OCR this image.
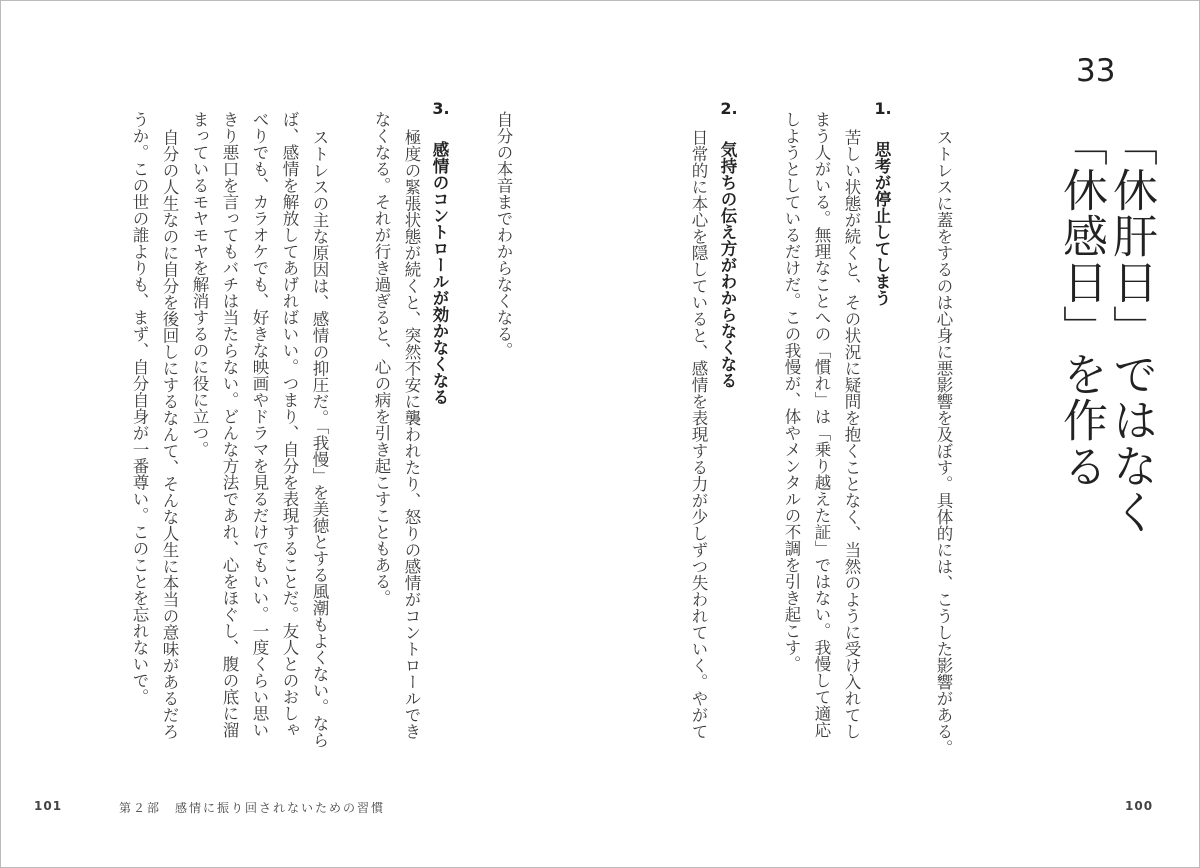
33
「休肝日」ではなく
「休感日」を作る
ストレスに蓋をするのは心身に悪影響を及ぼす。具体的には、こうした影響がある。
1.
思考が停止してしまう
苦しい状態が続くと、その状況に疑問を抱くことなく、当然のように受け入れてし
まう人がいる。無理なことへの「慣れ」は「乗り越えた証」ではない。我慢して適応
しようとしているだけだ。この我慢が、体やメンタルの不調を引き起こす。
2.
気持ちの伝え方がわからなくなる
日常的に本心を隠していると、感情を表現する力が少しずつ失われていく。やがて
自分の本音までわからなくなる。
3.
感情のコントロールが効かなくなる
極度の緊張状態が続くと、突然不安に襲われたり、怒りの感情がコントロールでき
なくなる。それが行き過ぎると、心の病を引き起こすこともある。
ストレスの主な原因は、感情の抑圧だ。「我慢」を美徳とする風潮もよくない。なら
ば、感情を解放してあげればいい。つまり、自分を表現することだ。友人とのおしゃ
べりでも、カラオケでも、好きな映画やドラマを見るだけでもいい。一度くらい思い
きり悪口を言ってもバチは当たらない。どんな方法であれ、心をほぐし、腹の底に溜
まっているモヤモヤを解消するのに役に立つ。
自分の人生なのに自分を後回しにするなんて、そんな人生に本当の意味があるだろ
うか。この世の誰よりも、まず、自分自身が一番尊い。このことを忘れないで。
101	第２部　感情に振り回されないための習慣	100
